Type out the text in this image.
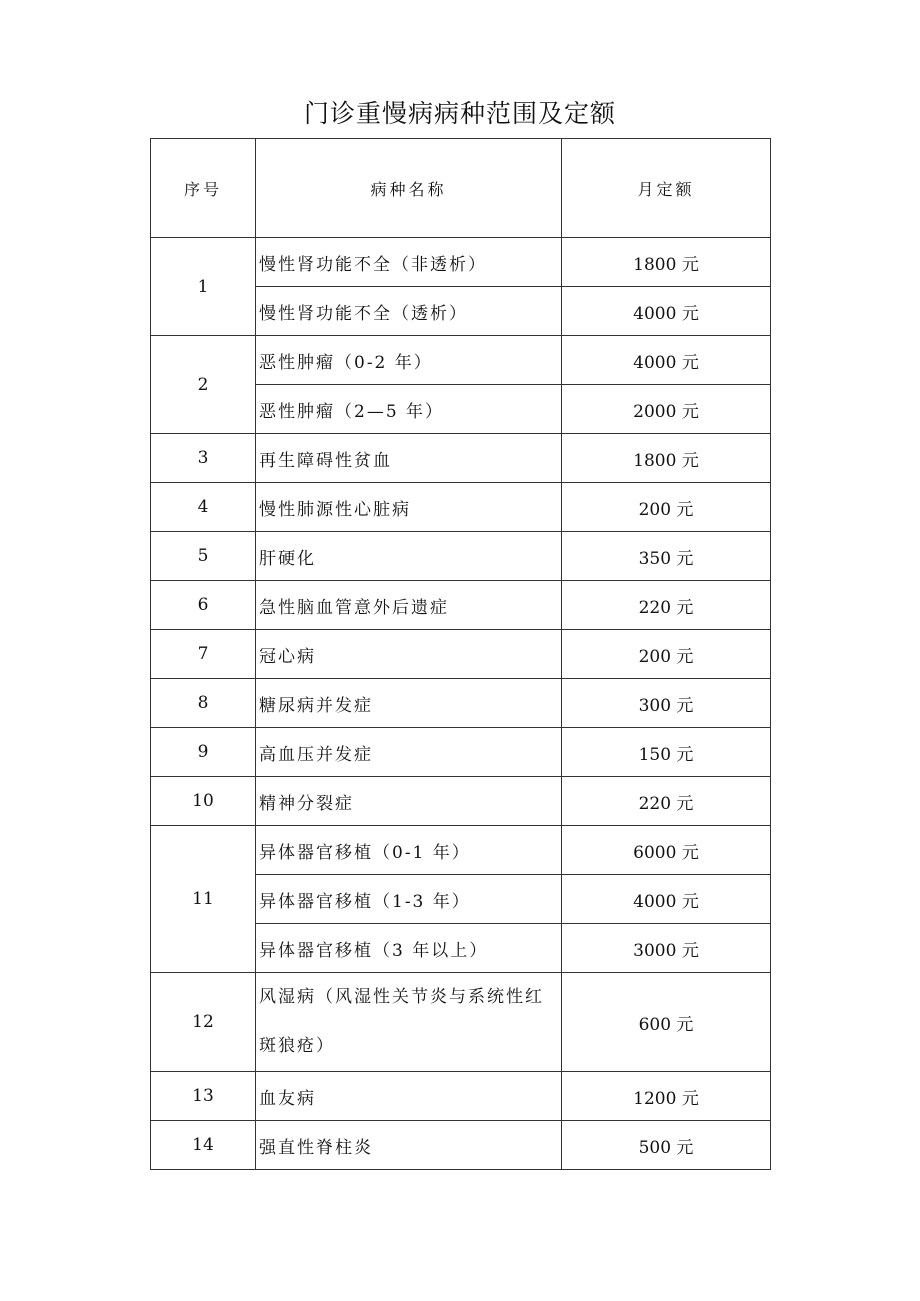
门诊重慢病病种范围及定额
序号	病种名称	月定额
1	慢性肾功能不全（非透析）	1800 元
	慢性肾功能不全（透析）	4000 元
2	恶性肿瘤（0-2 年）	4000 元
	恶性肿瘤（2—5 年）	2000 元
3	再生障碍性贫血	1800 元
4	慢性肺源性心脏病	200 元
5	肝硬化	350 元
6	急性脑血管意外后遗症	220 元
7	冠心病	200 元
8	糖尿病并发症	300 元
9	高血压并发症	150 元
10	精神分裂症	220 元
11	异体器官移植（0-1 年）	6000 元
	异体器官移植（1-3 年）	4000 元
	异体器官移植（3 年以上）	3000 元
12	风湿病（风湿性关节炎与系统性红斑狼疮）	600 元
13	血友病	1200 元
14	强直性脊柱炎	500 元
